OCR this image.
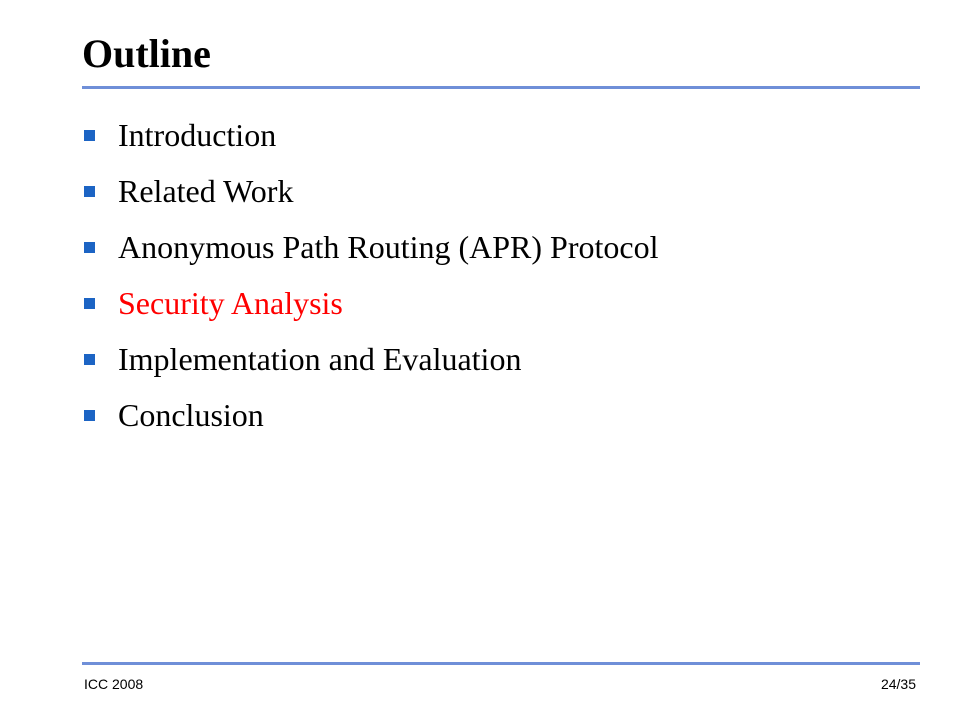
Outline
Introduction
Related Work
Anonymous Path Routing (APR) Protocol
Security Analysis
Implementation and Evaluation
Conclusion
ICC 2008	24/35
